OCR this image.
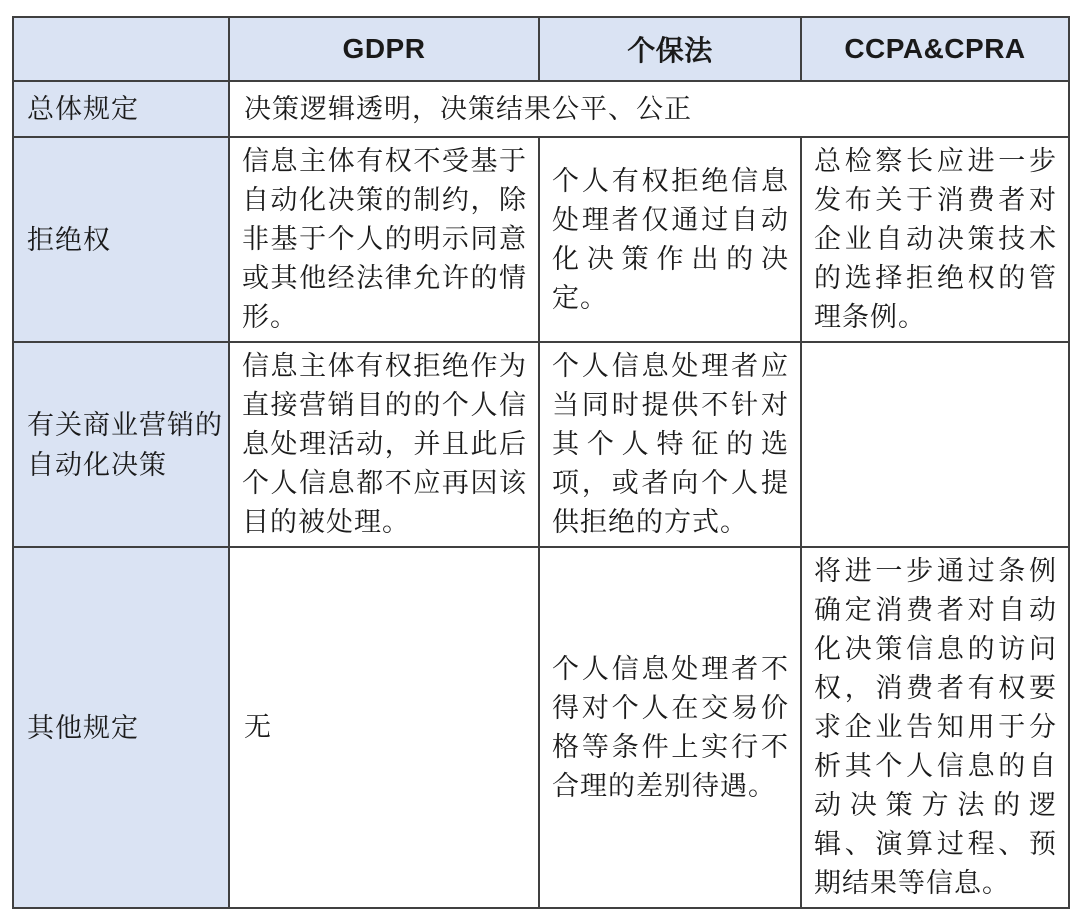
	GDPR	个保法	CCPA&CPRA
总体规定	决策逻辑透明，决策结果公平、公正		
拒绝权	信息主体有权不受基于自动化决策的制约，除非基于个人的明示同意或其他经法律允许的情形。	个人有权拒绝信息处理者仅通过自动化决策作出的决定。	总检察长应进一步发布关于消费者对企业自动决策技术的选择拒绝权的管理条例。
有关商业营销的自动化决策	信息主体有权拒绝作为直接营销目的的个人信息处理活动，并且此后个人信息都不应再因该目的被处理。	个人信息处理者应当同时提供不针对其个人特征的选项，或者向个人提供拒绝的方式。	
其他规定	无	个人信息处理者不得对个人在交易价格等条件上实行不合理的差别待遇。	将进一步通过条例确定消费者对自动化决策信息的访问权，消费者有权要求企业告知用于分析其个人信息的自动决策方法的逻辑、演算过程、预期结果等信息。
